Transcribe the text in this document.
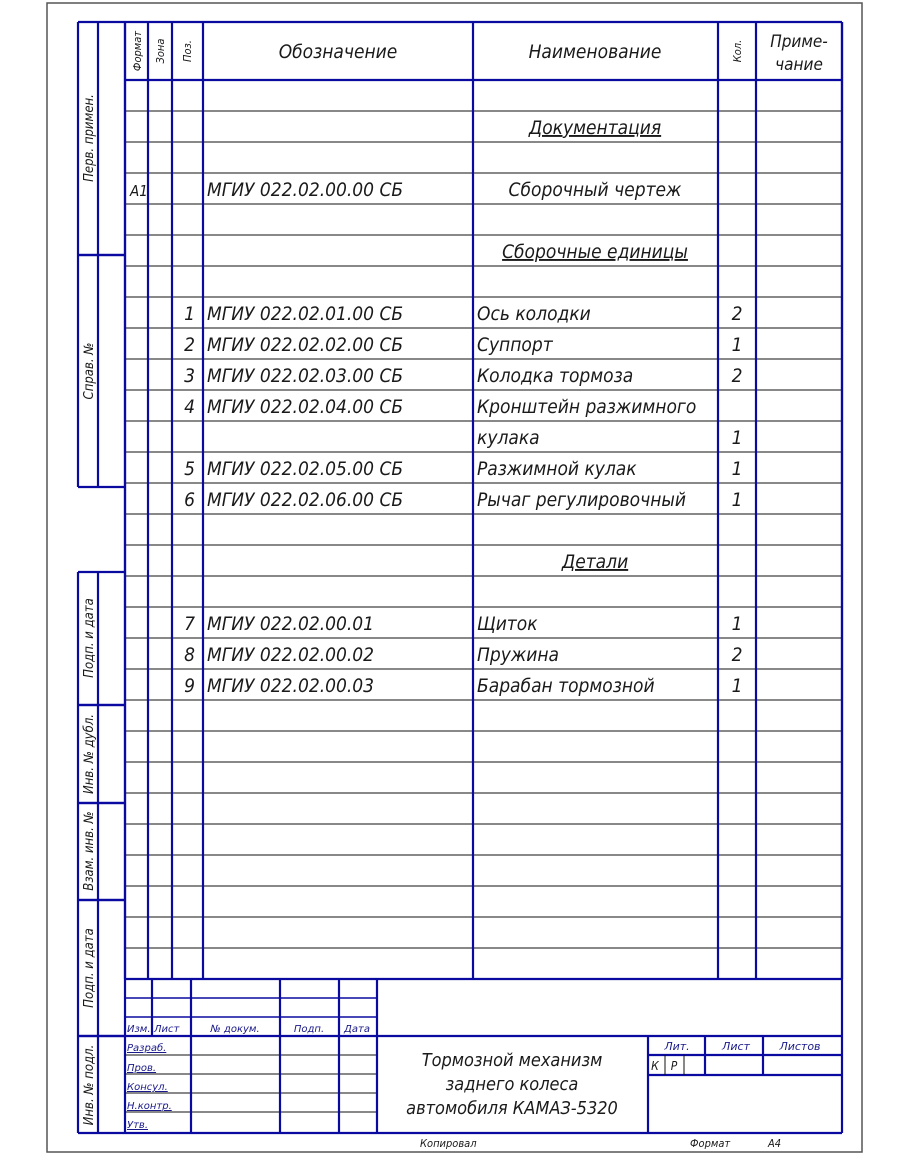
Формат Зона Поз.	Обозначение	Наименование	Кол. Приме-
чание
Документация
A1	МГИУ 022.02.00.00 СБ	Сборочный чертеж
Сборочные единицы
1 МГИУ 022.02.01.00 СБ	Ось колодки	2
2 МГИУ 022.02.02.00 СБ	Суппорт	1
3 МГИУ 022.02.03.00 СБ	Колодка тормоза	2
4 МГИУ 022.02.04.00 СБ	Кронштейн разжимного
кулака	1
5 МГИУ 022.02.05.00 СБ	Разжимной кулак	1
6 МГИУ 022.02.06.00 СБ	Рычаг регулировочный 1
Детали
7 МГИУ 022.02.00.01	Щиток	1
8 МГИУ 022.02.00.02	Пружина	2
9 МГИУ 022.02.00.03	Барабан тормозной	1
Перв. примен.
Справ. №
Подп. и дата
Инв. № дубл.
Взам. инв. №
Подп. и дата
Инв. № подл.
Изм. Лист	№ докум.	Подп. Дата
Разраб.
Пров.
Консул.
Н.контр.
Утв.
Тормозной механизм
заднего колеса
автомобиля КАМАЗ-5320
Лит.	Лист	Листов
К Р
Копировал	Формат	А4
